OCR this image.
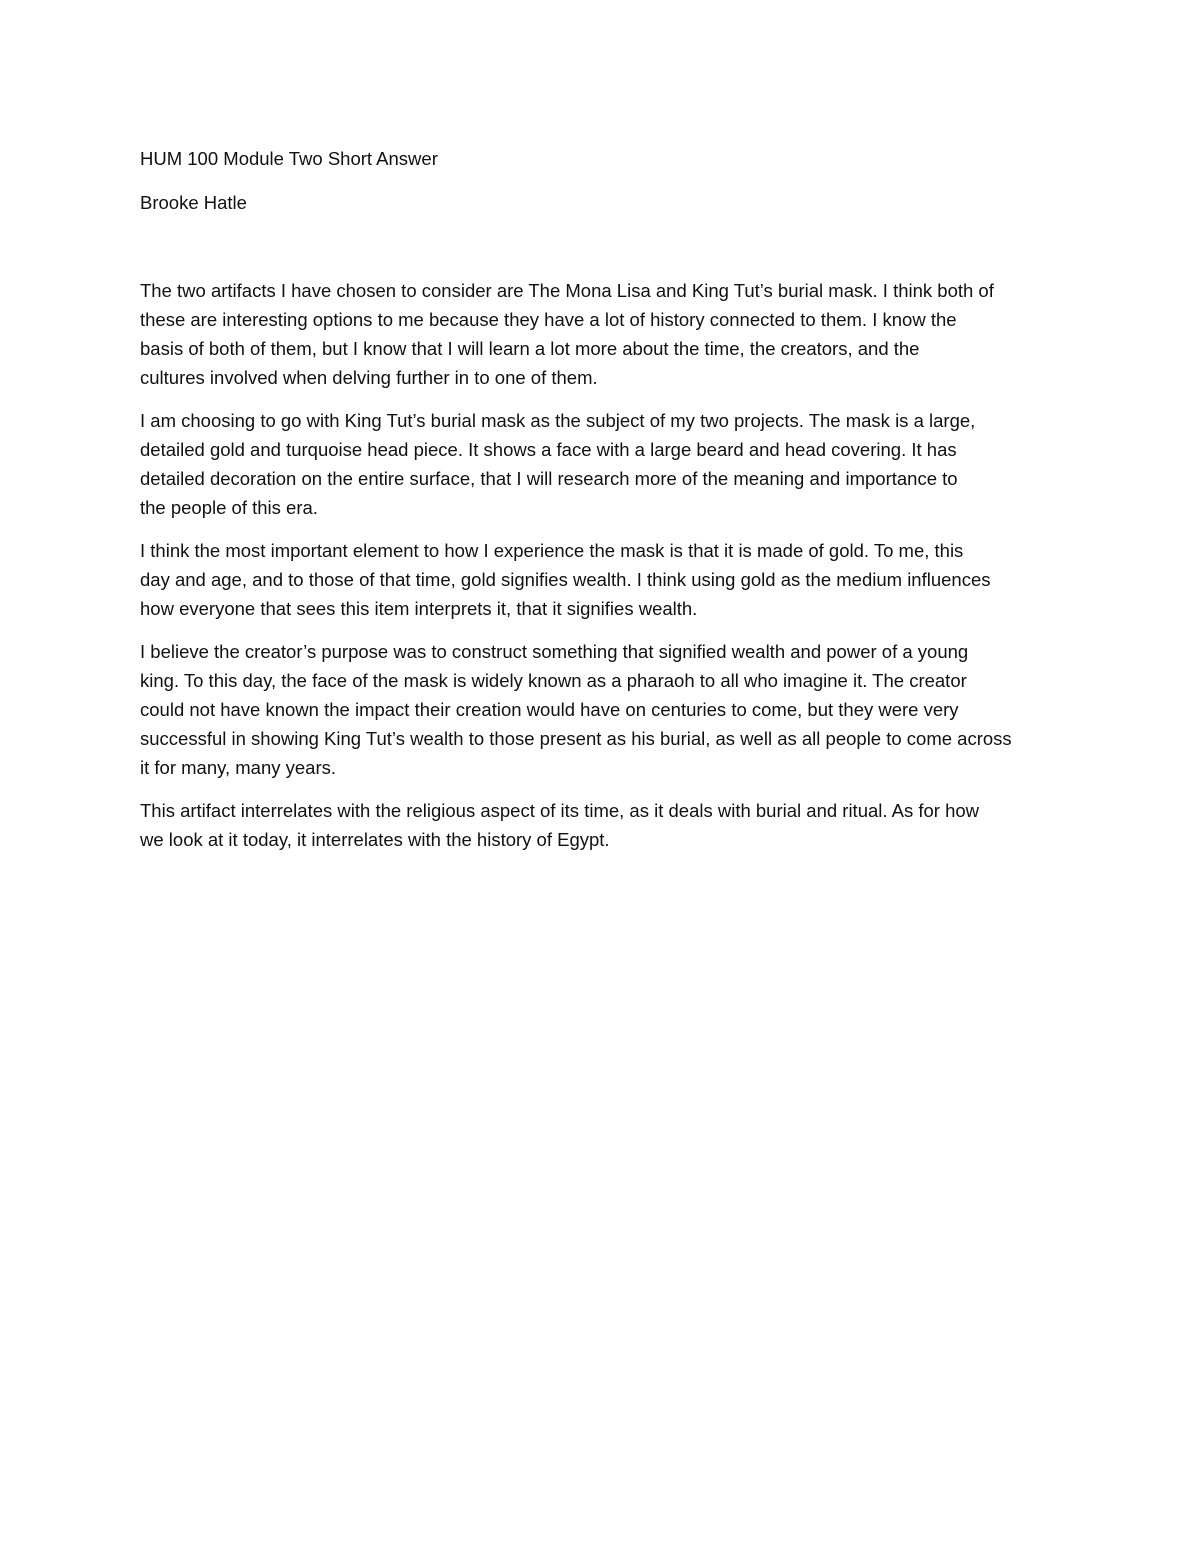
HUM 100 Module Two Short Answer
Brooke Hatle
The two artifacts I have chosen to consider are The Mona Lisa and King Tut’s burial mask. I think both of
these are interesting options to me because they have a lot of history connected to them. I know the
basis of both of them, but I know that I will learn a lot more about the time, the creators, and the
cultures involved when delving further in to one of them.
I am choosing to go with King Tut’s burial mask as the subject of my two projects. The mask is a large,
detailed gold and turquoise head piece. It shows a face with a large beard and head covering. It has
detailed decoration on the entire surface, that I will research more of the meaning and importance to
the people of this era.
I think the most important element to how I experience the mask is that it is made of gold. To me, this
day and age, and to those of that time, gold signifies wealth. I think using gold as the medium influences
how everyone that sees this item interprets it, that it signifies wealth.
I believe the creator’s purpose was to construct something that signified wealth and power of a young
king. To this day, the face of the mask is widely known as a pharaoh to all who imagine it. The creator
could not have known the impact their creation would have on centuries to come, but they were very
successful in showing King Tut’s wealth to those present as his burial, as well as all people to come across
it for many, many years.
This artifact interrelates with the religious aspect of its time, as it deals with burial and ritual. As for how
we look at it today, it interrelates with the history of Egypt.
